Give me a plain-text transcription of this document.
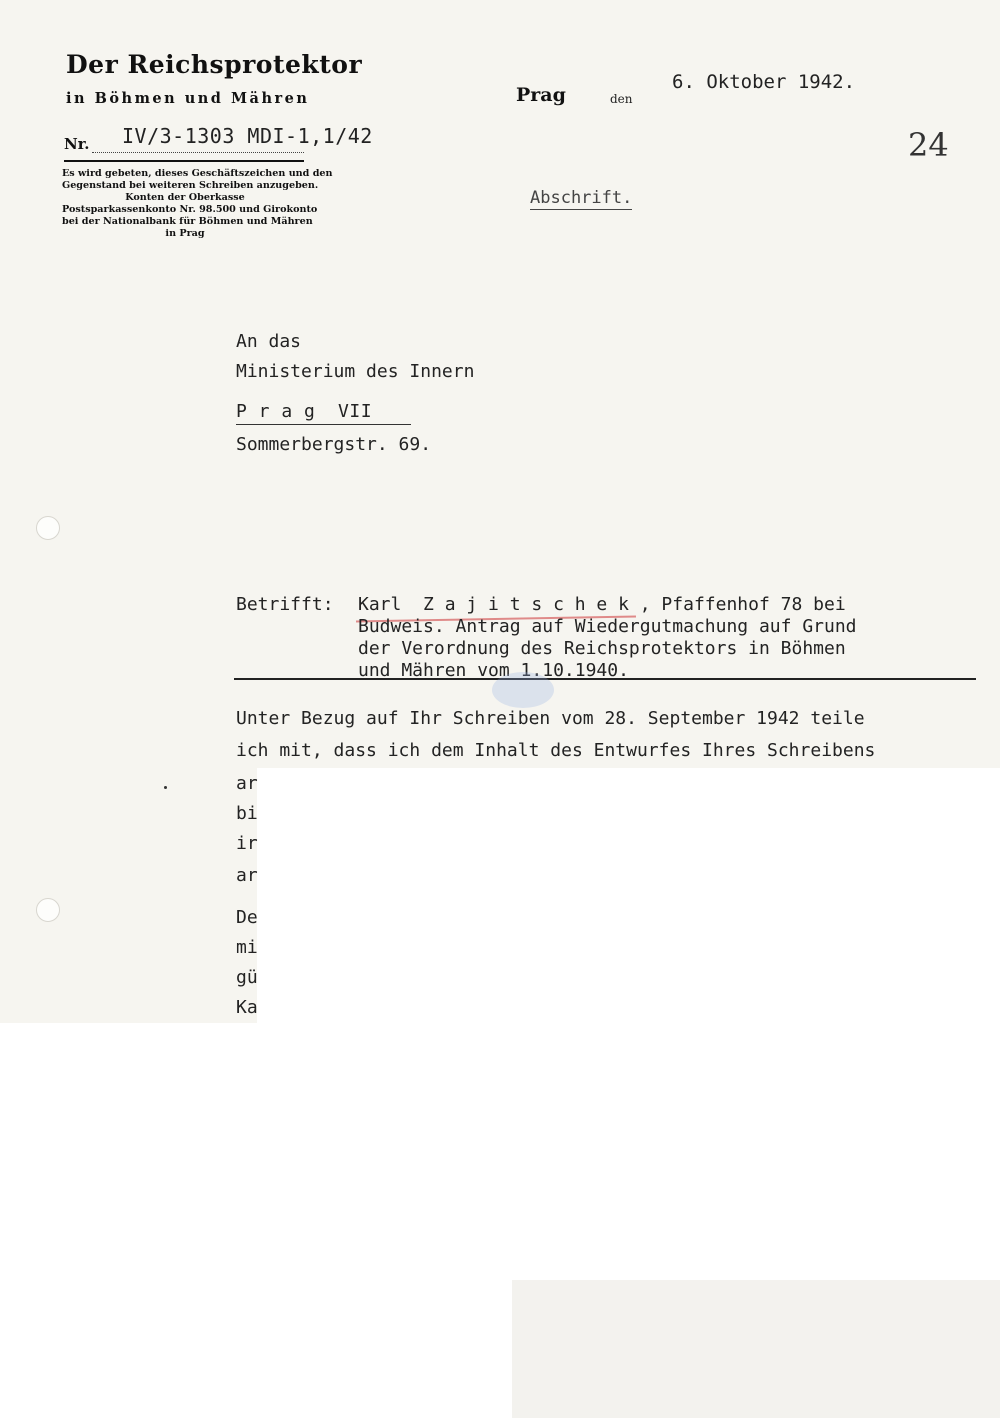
Der Reichsprotektor
in Böhmen und Mähren
Nr. IV/3-1303 MDI-1,1/42
Es wird gebeten, dieses Geschäftszeichen und den
Gegenstand bei weiteren Schreiben anzugeben.
Konten der Oberkasse
Postsparkassenkonto Nr. 98.500 und Girokonto
bei der Nationalbank für Böhmen und Mähren
in Prag
Prag	den
6. Oktober 1942.
24
Abschrift.
An das
Ministerium des Innern
P r a g  VII
Sommerbergstr. 69.
Betrifft: Karl  Z a j i t s c h e k , Pfaffenhof 78 bei
Budweis. Antrag auf Wiedergutmachung auf Grund
der Verordnung des Reichsprotektors in Böhmen
und Mähren vom 1.10.1940.
Unter Bezug auf Ihr Schreiben vom 28. September 1942 teile
ich mit, dass ich dem Inhalt des Entwurfes Ihres Schreibens
ar
bi
ir
ar
De
mi
gü
Ka
